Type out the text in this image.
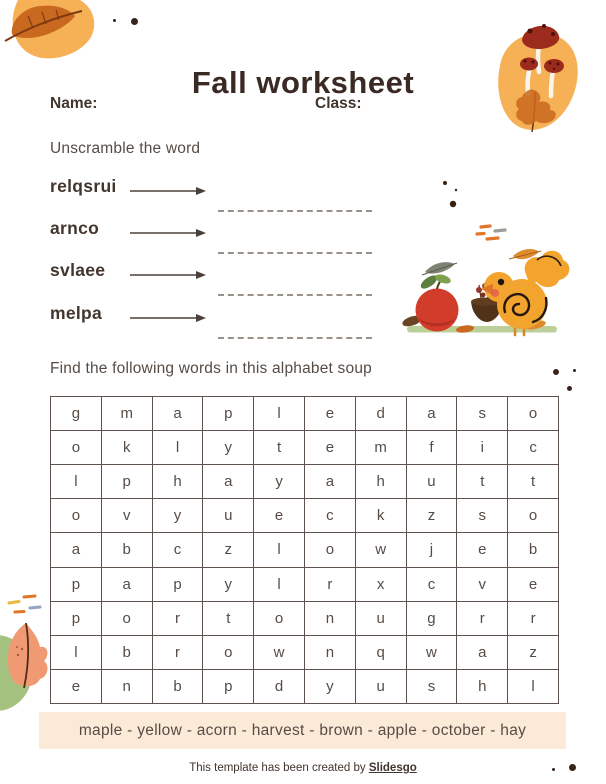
Fall worksheet
Name:	Class:
Unscramble the word
relqsrui
arnco
svlaee
melpa
Find the following words in this alphabet soup
g	m	a	p	l	e	d	a	s	o
o	k	l	y	t	e	m	f	i	c
l	p	h	a	y	a	h	u	t	t
o	v	y	u	e	c	k	z	s	o
a	b	c	z	l	o	w	j	e	b
p	a	p	y	l	r	x	c	v	e
p	o	r	t	o	n	u	g	r	r
l	b	r	o	w	n	q	w	a	z
e	n	b	p	d	y	u	s	h	l
maple - yellow - acorn - harvest - brown - apple - october - hay
This template has been created by Slidesgo
